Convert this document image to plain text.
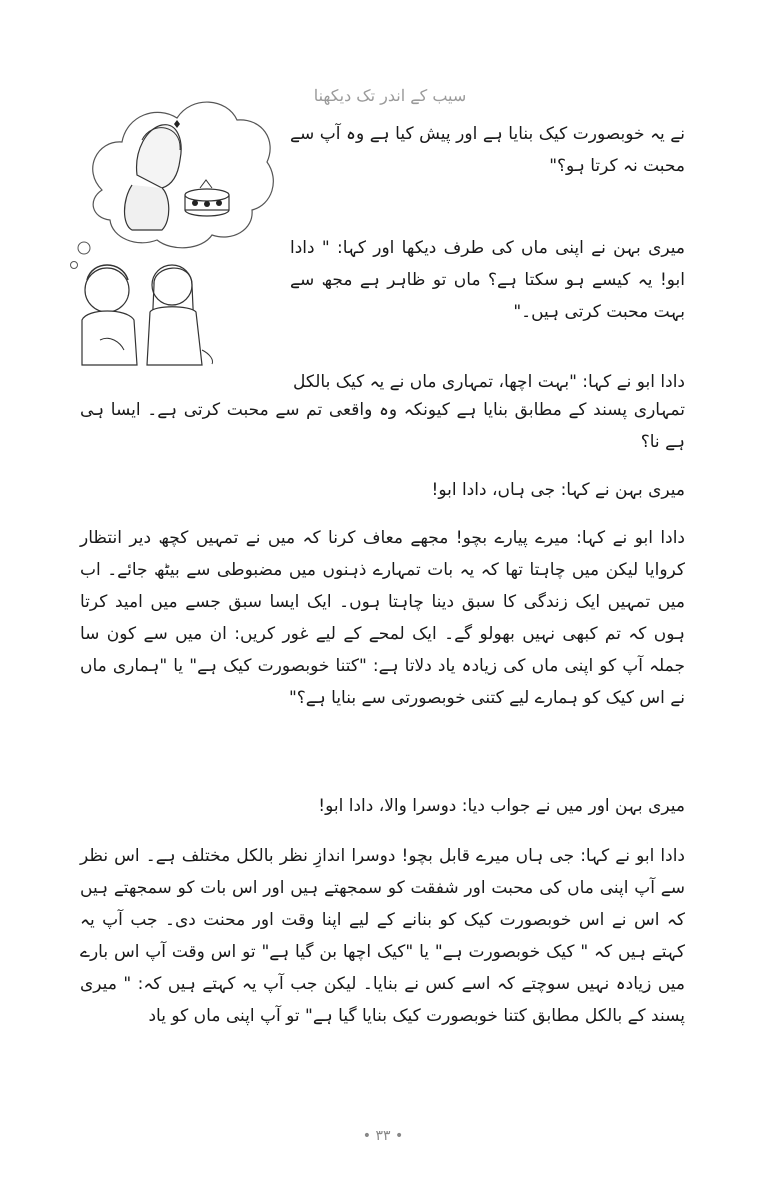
سیب کے اندر تک دیکھنا
نے یہ خوبصورت کیک بنایا ہے اور پیش کیا ہے وہ آپ سے محبت نہ کرتا ہو؟"
میری بہن نے اپنی ماں کی طرف دیکھا اور کہا: " دادا ابو! یہ کیسے ہو سکتا ہے؟ ماں تو ظاہر ہے مجھ سے بہت محبت کرتی ہیں۔"
دادا ابو نے کہا: "بہت اچھا، تمہاری ماں نے یہ کیک بالکل
تمہاری پسند کے مطابق بنایا ہے کیونکہ وہ واقعی تم سے محبت کرتی ہے۔ ایسا ہی ہے نا؟
میری بہن نے کہا: جی ہاں، دادا ابو!
دادا ابو نے کہا: میرے پیارے بچو! مجھے معاف کرنا کہ میں نے تمہیں کچھ دیر انتظار کروایا لیکن میں چاہتا تھا کہ یہ بات تمہارے ذہنوں میں مضبوطی سے بیٹھ جائے۔ اب میں تمہیں ایک زندگی کا سبق دینا چاہتا ہوں۔ ایک ایسا سبق جسے میں امید کرتا ہوں کہ تم کبھی نہیں بھولو گے۔ ایک لمحے کے لیے غور کریں: ان میں سے کون سا جملہ آپ کو اپنی ماں کی زیادہ یاد دلاتا ہے: "کتنا خوبصورت کیک ہے" یا "ہماری ماں نے اس کیک کو ہمارے لیے کتنی خوبصورتی سے بنایا ہے؟"
میری بہن اور میں نے جواب دیا: دوسرا والا، دادا ابو!
دادا ابو نے کہا: جی ہاں میرے قابل بچو! دوسرا اندازِ نظر بالکل مختلف ہے۔ اس نظر سے آپ اپنی ماں کی محبت اور شفقت کو سمجھتے ہیں اور اس بات کو سمجھتے ہیں کہ اس نے اس خوبصورت کیک کو بنانے کے لیے اپنا وقت اور محنت دی۔ جب آپ یہ کہتے ہیں کہ " کیک خوبصورت ہے" یا "کیک اچھا بن گیا ہے" تو اس وقت آپ اس بارے میں زیادہ نہیں سوچتے کہ اسے کس نے بنایا۔ لیکن جب آپ یہ کہتے ہیں کہ: " میری پسند کے بالکل مطابق کتنا خوبصورت کیک بنایا گیا ہے" تو آپ اپنی ماں کو یاد
• ۳۳ •
